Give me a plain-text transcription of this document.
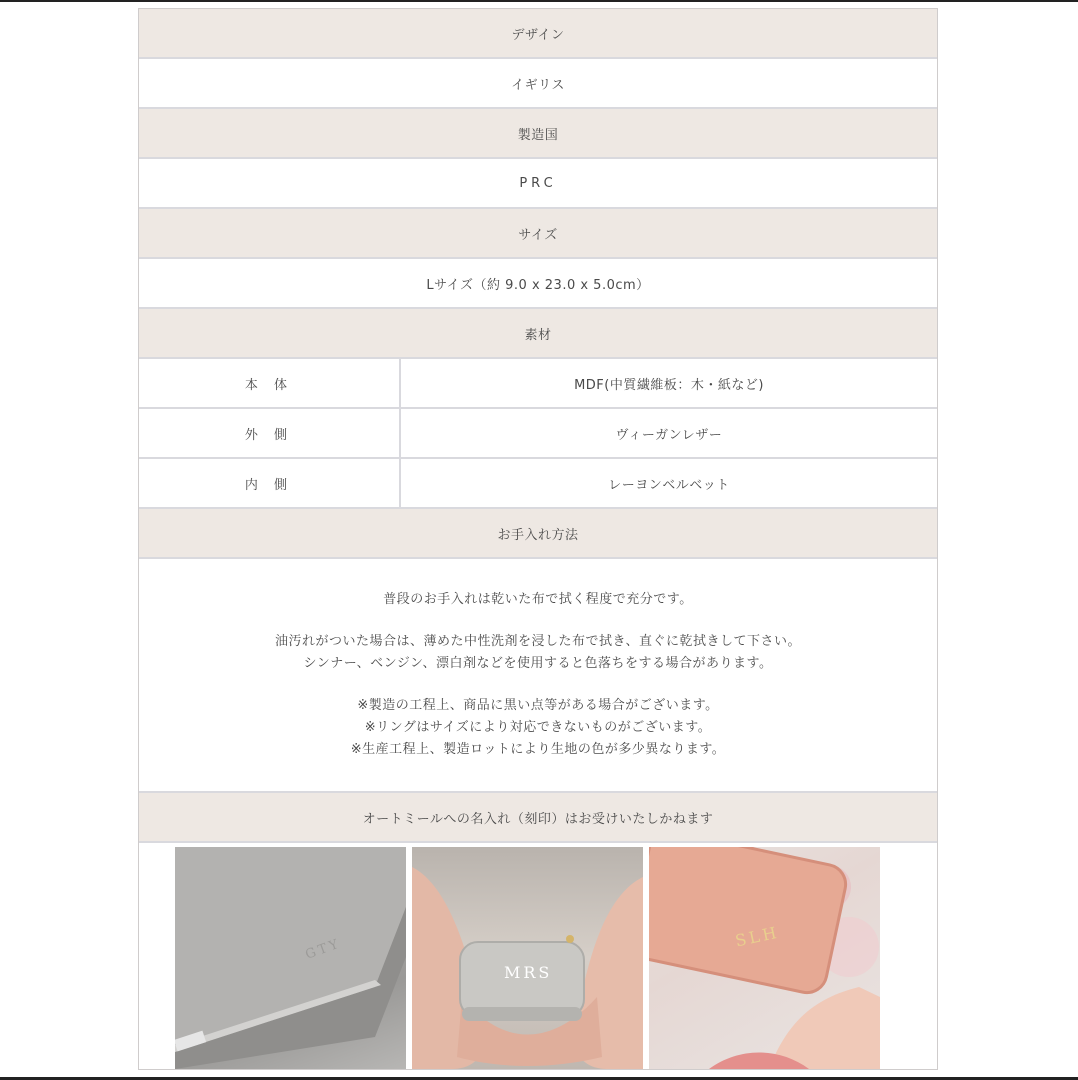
デザイン
イギリス
製造国
PRC
サイズ
Lサイズ（約 9.0 x 23.0 x 5.0cm）
素材
本 体	MDF(中質繊維板：木・紙など)
外 側	ヴィーガンレザー
内 側	レーヨンベルベット
お手入れ方法

普段のお手入れは乾いた布で拭く程度で充分です。

油汚れがついた場合は、薄めた中性洗剤を浸した布で拭き、直ぐに乾拭きして下さい。

シンナー、ベンジン、漂白剤などを使用すると色落ちをする場合があります。

※製造の工程上、商品に黒い点等がある場合がございます。

※リングはサイズにより対応できないものがございます。

※生産工程上、製造ロットにより生地の色が多少異なります。

オートミールへの名入れ（刻印）はお受けいたしかねます
GTY
MRS
SLH
